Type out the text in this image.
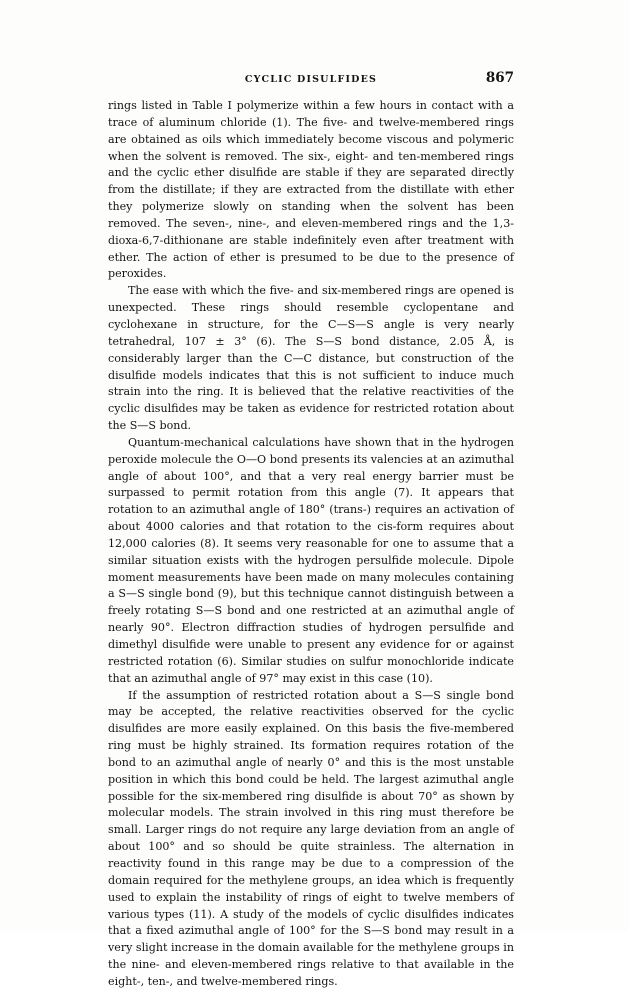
CYCLIC DISULFIDES	867

rings listed in Table I polymerize within a few hours in contact with a trace of aluminum chloride (1). The five- and twelve-membered rings are obtained as oils which immediately become viscous and polymeric when the solvent is removed. The six-, eight- and ten-membered rings and the cyclic ether disulfide are stable if they are separated directly from the distillate; if they are extracted from the distillate with ether they polymerize slowly on standing when the solvent has been removed. The seven-, nine-, and eleven-membered rings and the 1,3-dioxa-6,7-dithionane are stable indefinitely even after treatment with ether. The action of ether is presumed to be due to the presence of peroxides.

The ease with which the five- and six-membered rings are opened is unexpected. These rings should resemble cyclopentane and cyclohexane in structure, for the C—S—S angle is very nearly tetrahedral, 107 ± 3° (6). The S—S bond distance, 2.05 Å, is considerably larger than the C—C distance, but construction of the disulfide models indicates that this is not sufficient to induce much strain into the ring. It is believed that the relative reactivities of the cyclic disulfides may be taken as evidence for restricted rotation about the S—S bond.

Quantum-mechanical calculations have shown that in the hydrogen peroxide molecule the O—O bond presents its valencies at an azimuthal angle of about 100°, and that a very real energy barrier must be surpassed to permit rotation from this angle (7). It appears that rotation to an azimuthal angle of 180° (trans-) requires an activation of about 4000 calories and that rotation to the cis-form requires about 12,000 calories (8). It seems very reasonable for one to assume that a similar situation exists with the hydrogen persulfide molecule. Dipole moment measurements have been made on many molecules containing a S—S single bond (9), but this technique cannot distinguish between a freely rotating S—S bond and one restricted at an azimuthal angle of nearly 90°. Electron diffraction studies of hydrogen persulfide and dimethyl disulfide were unable to present any evidence for or against restricted rotation (6). Similar studies on sulfur monochloride indicate that an azimuthal angle of 97° may exist in this case (10).

If the assumption of restricted rotation about a S—S single bond may be accepted, the relative reactivities observed for the cyclic disulfides are more easily explained. On this basis the five-membered ring must be highly strained. Its formation requires rotation of the bond to an azimuthal angle of nearly 0° and this is the most unstable position in which this bond could be held. The largest azimuthal angle possible for the six-membered ring disulfide is about 70° as shown by molecular models. The strain involved in this ring must therefore be small. Larger rings do not require any large deviation from an angle of about 100° and so should be quite strainless. The alternation in reactivity found in this range may be due to a compression of the domain required for the methylene groups, an idea which is frequently used to explain the instability of rings of eight to twelve members of various types (11). A study of the models of cyclic disulfides indicates that a fixed azimuthal angle of 100° for the S—S bond may result in a very slight increase in the domain available for the methylene groups in the nine- and eleven-membered rings relative to that available in the eight-, ten-, and twelve-membered rings.
